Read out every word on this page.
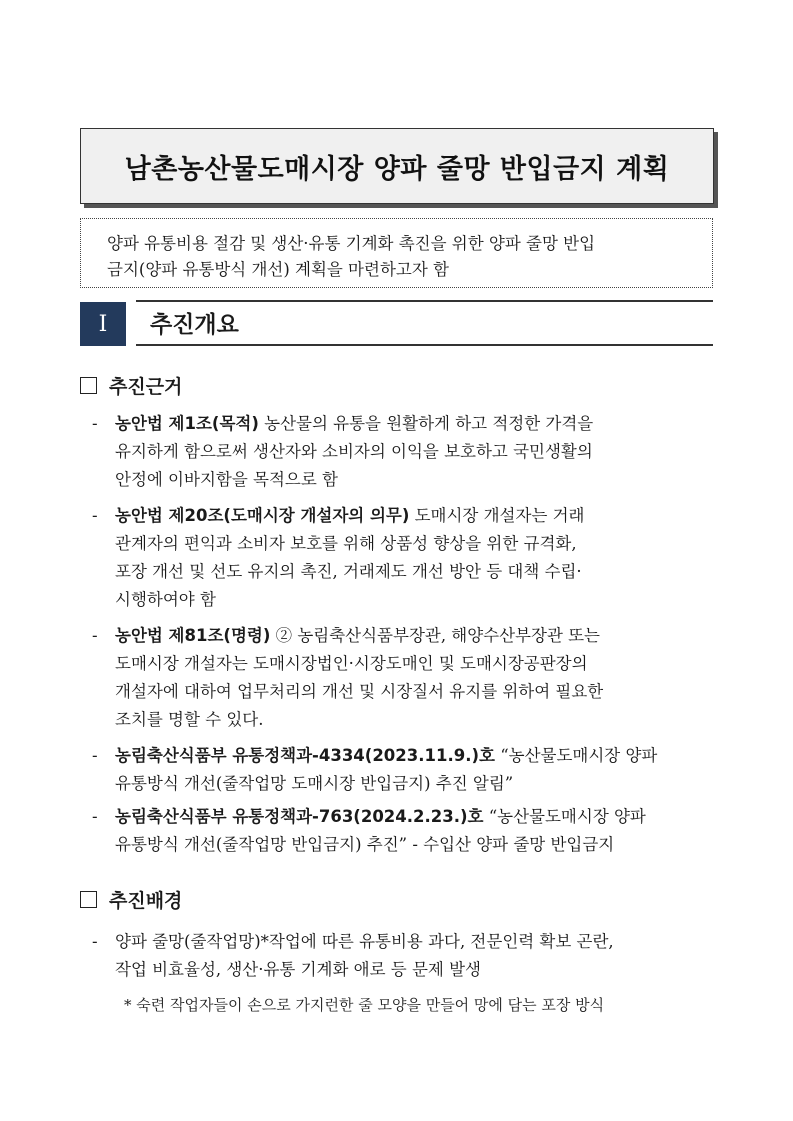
남촌농산물도매시장 양파 줄망 반입금지 계획
양파 유통비용 절감 및 생산·유통 기계화 촉진을 위한 양파 줄망 반입
금지(양파 유통방식 개선) 계획을 마련하고자 함
Ⅰ	추진개요
추진근거
- 농안법 제1조(목적) 농산물의 유통을 원활하게 하고 적정한 가격을
유지하게 함으로써 생산자와 소비자의 이익을 보호하고 국민생활의
안정에 이바지함을 목적으로 함
- 농안법 제20조(도매시장 개설자의 의무) 도매시장 개설자는 거래
관계자의 편익과 소비자 보호를 위해 상품성 향상을 위한 규격화,
포장 개선 및 선도 유지의 촉진, 거래제도 개선 방안 등 대책 수립·
시행하여야 함
- 농안법 제81조(명령) ② 농림축산식품부장관, 해양수산부장관 또는
도매시장 개설자는 도매시장법인·시장도매인 및 도매시장공판장의
개설자에 대하여 업무처리의 개선 및 시장질서 유지를 위하여 필요한
조치를 명할 수 있다.
- 농림축산식품부 유통정책과-4334(2023.11.9.)호 “농산물도매시장 양파
유통방식 개선(줄작업망 도매시장 반입금지) 추진 알림”
- 농림축산식품부 유통정책과-763(2024.2.23.)호 “농산물도매시장 양파
유통방식 개선(줄작업망 반입금지) 추진” - 수입산 양파 줄망 반입금지
추진배경
- 양파 줄망(줄작업망)*작업에 따른 유통비용 과다, 전문인력 확보 곤란,
작업 비효율성, 생산·유통 기계화 애로 등 문제 발생
* 숙련 작업자들이 손으로 가지런한 줄 모양을 만들어 망에 담는 포장 방식
